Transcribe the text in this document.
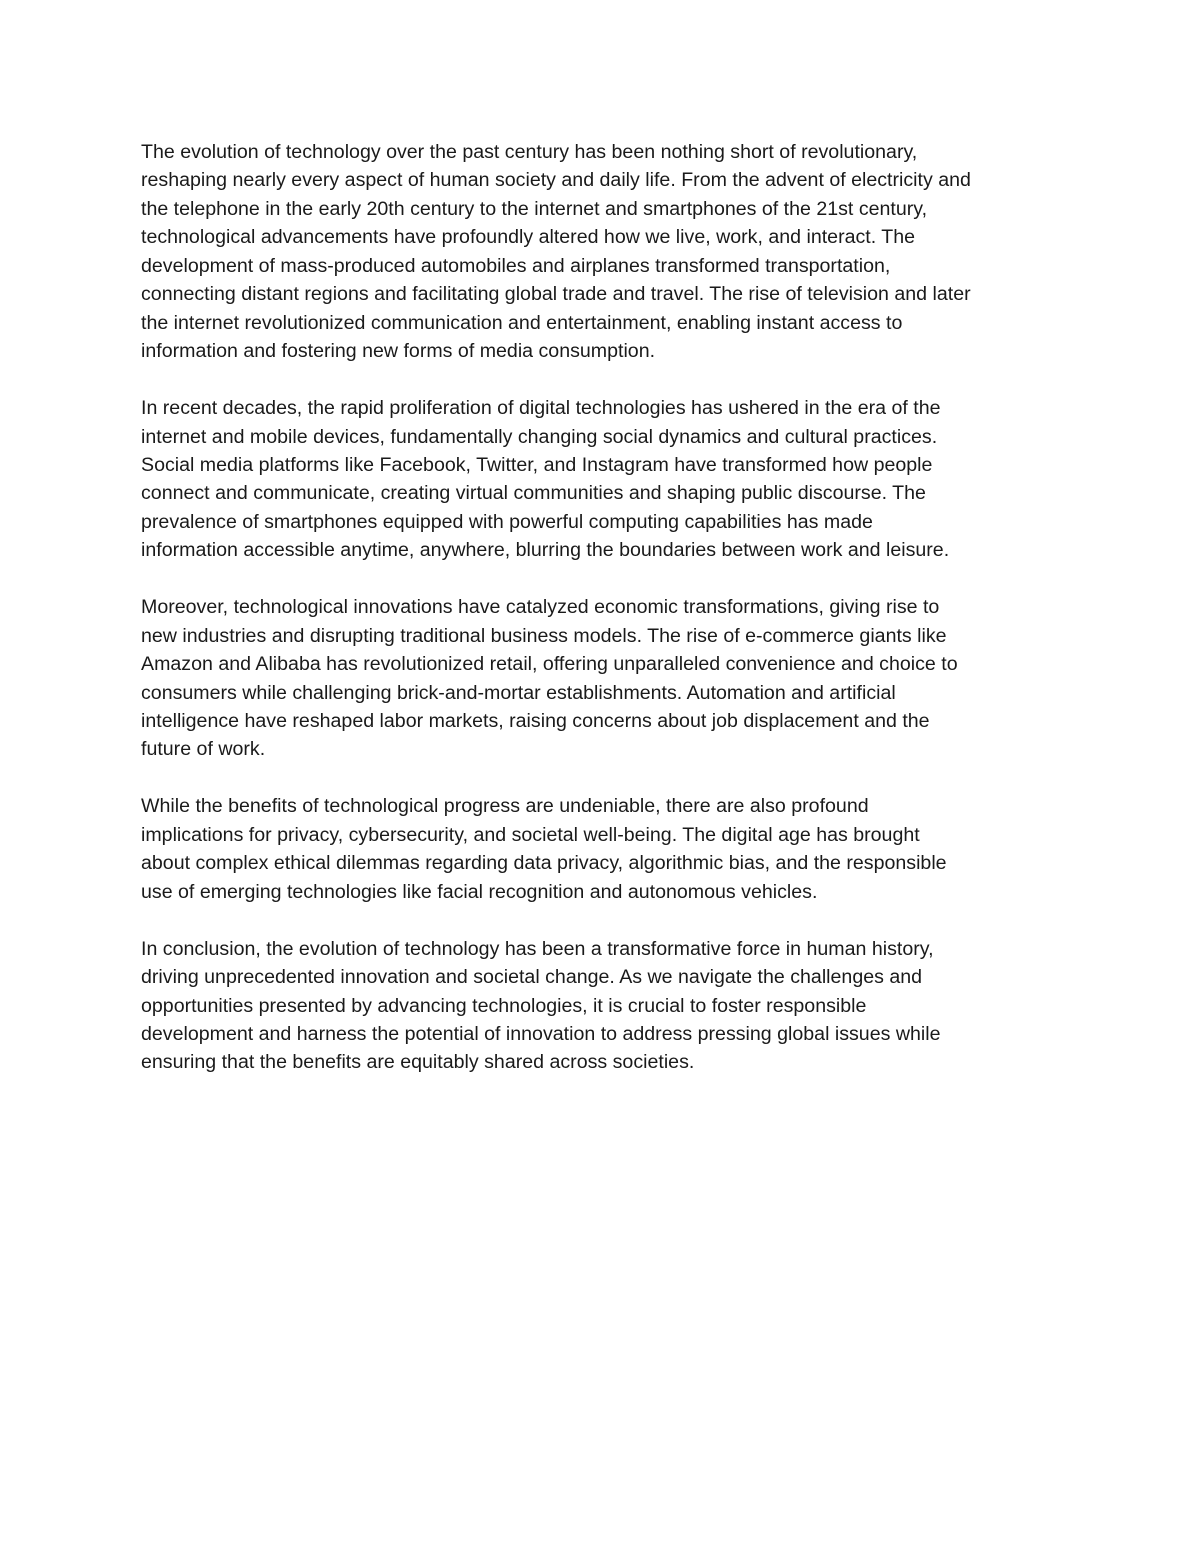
The evolution of technology over the past century has been nothing short of revolutionary,
reshaping nearly every aspect of human society and daily life. From the advent of electricity and
the telephone in the early 20th century to the internet and smartphones of the 21st century,
technological advancements have profoundly altered how we live, work, and interact. The
development of mass-produced automobiles and airplanes transformed transportation,
connecting distant regions and facilitating global trade and travel. The rise of television and later
the internet revolutionized communication and entertainment, enabling instant access to
information and fostering new forms of media consumption.

In recent decades, the rapid proliferation of digital technologies has ushered in the era of the
internet and mobile devices, fundamentally changing social dynamics and cultural practices.
Social media platforms like Facebook, Twitter, and Instagram have transformed how people
connect and communicate, creating virtual communities and shaping public discourse. The
prevalence of smartphones equipped with powerful computing capabilities has made
information accessible anytime, anywhere, blurring the boundaries between work and leisure.

Moreover, technological innovations have catalyzed economic transformations, giving rise to
new industries and disrupting traditional business models. The rise of e-commerce giants like
Amazon and Alibaba has revolutionized retail, offering unparalleled convenience and choice to
consumers while challenging brick-and-mortar establishments. Automation and artificial
intelligence have reshaped labor markets, raising concerns about job displacement and the
future of work.

While the benefits of technological progress are undeniable, there are also profound
implications for privacy, cybersecurity, and societal well-being. The digital age has brought
about complex ethical dilemmas regarding data privacy, algorithmic bias, and the responsible
use of emerging technologies like facial recognition and autonomous vehicles.

In conclusion, the evolution of technology has been a transformative force in human history,
driving unprecedented innovation and societal change. As we navigate the challenges and
opportunities presented by advancing technologies, it is crucial to foster responsible
development and harness the potential of innovation to address pressing global issues while
ensuring that the benefits are equitably shared across societies.
